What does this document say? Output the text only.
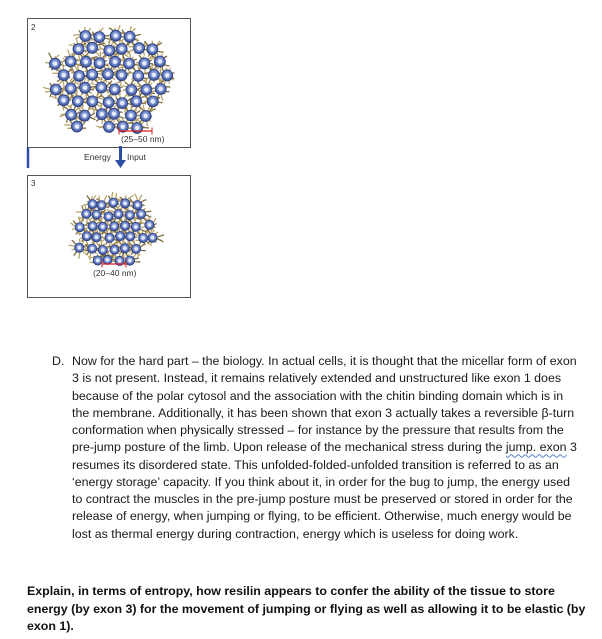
2
(25–50 nm)
Energy Input
3
(20–40 nm)
D. Now for the hard part – the biology. In actual cells, it is thought that the micellar form of exon 3 is not present. Instead, it remains relatively extended and unstructured like exon 1 does because of the polar cytosol and the association with the chitin binding domain which is in the membrane. Additionally, it has been shown that exon 3 actually takes a reversible β-turn conformation when physically stressed – for instance by the pressure that results from the pre-jump posture of the limb. Upon release of the mechanical stress during the jump. exon 3 resumes its disordered state. This unfolded-folded-unfolded transition is referred to as an ‘energy storage’ capacity. If you think about it, in order for the bug to jump, the energy used to contract the muscles in the pre-jump posture must be preserved or stored in order for the release of energy, when jumping or flying, to be efficient. Otherwise, much energy would be lost as thermal energy during contraction, energy which is useless for doing work.
Explain, in terms of entropy, how resilin appears to confer the ability of the tissue to store energy (by exon 3) for the movement of jumping or flying as well as allowing it to be elastic (by exon 1).
